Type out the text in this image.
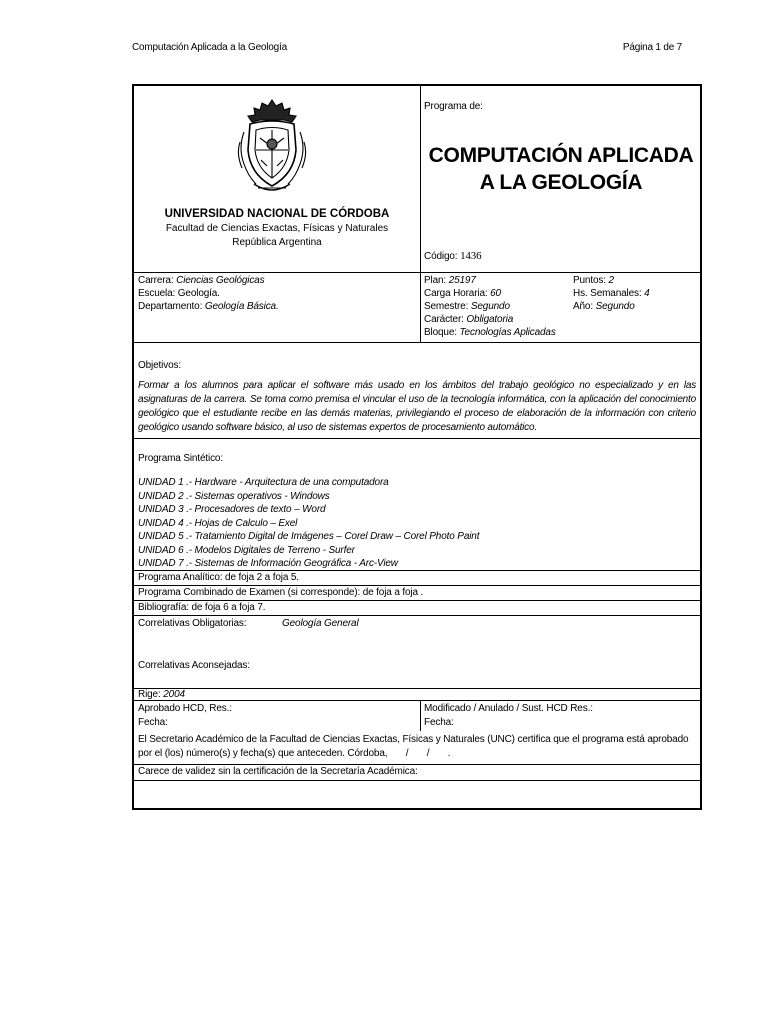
Computación Aplicada a la Geología	Página 1 de 7
UNIVERSIDAD NACIONAL DE CÓRDOBA
Facultad de Ciencias Exactas, Físicas y Naturales
República Argentina
Programa de:
COMPUTACIÓN APLICADA
A LA GEOLOGÍA
Código: 1436
Carrera: Ciencias Geológicas
Escuela: Geología.
Departamento: Geología Básica.
Plan: 25197
Carga Horaria: 60
Semestre: Segundo
Carácter: Obligatoria
Bloque: Tecnologías Aplicadas
Puntos: 2
Hs. Semanales: 4
Año: Segundo
Objetivos:
Formar a los alumnos para aplicar el software más usado en los ámbitos del trabajo geológico no especializado y en las asignaturas de la carrera. Se toma como premisa el vincular el uso de la tecnología informática, con la aplicación del conocimiento geológico que el estudiante recibe en las demás materias, privilegiando el proceso de elaboración de la información con criterio geológico usando software básico, al uso de sistemas expertos de procesamiento automático.
Programa Sintético:
UNIDAD 1 .- Hardware - Arquitectura de una computadora
UNIDAD 2 .- Sistemas operativos - Windows
UNIDAD 3 .- Procesadores de texto – Word
UNIDAD 4 .- Hojas de Calculo – Exel
UNIDAD 5 .- Tratamiento Digital de Imágenes – Corel Draw – Corel Photo Paint
UNIDAD 6 .- Modelos Digitales de Terreno - Surfer
UNIDAD 7 .- Sistemas de Información Geográfica - Arc-View
Programa Analítico: de foja 2 a foja 5.
Programa Combinado de Examen (si corresponde): de foja a foja .
Bibliografía: de foja 6 a foja 7.
Correlativas Obligatorias:	Geología General
Correlativas Aconsejadas:
Rige: 2004
Aprobado HCD, Res.:
Fecha:
Modificado / Anulado / Sust. HCD Res.:
Fecha:
El Secretario Académico de la Facultad de Ciencias Exactas, Físicas y Naturales (UNC) certifica que el programa está aprobado
por el (los) número(s) y fecha(s) que anteceden. Córdoba,       /       /       .
Carece de validez sin la certificación de la Secretaría Académica:
